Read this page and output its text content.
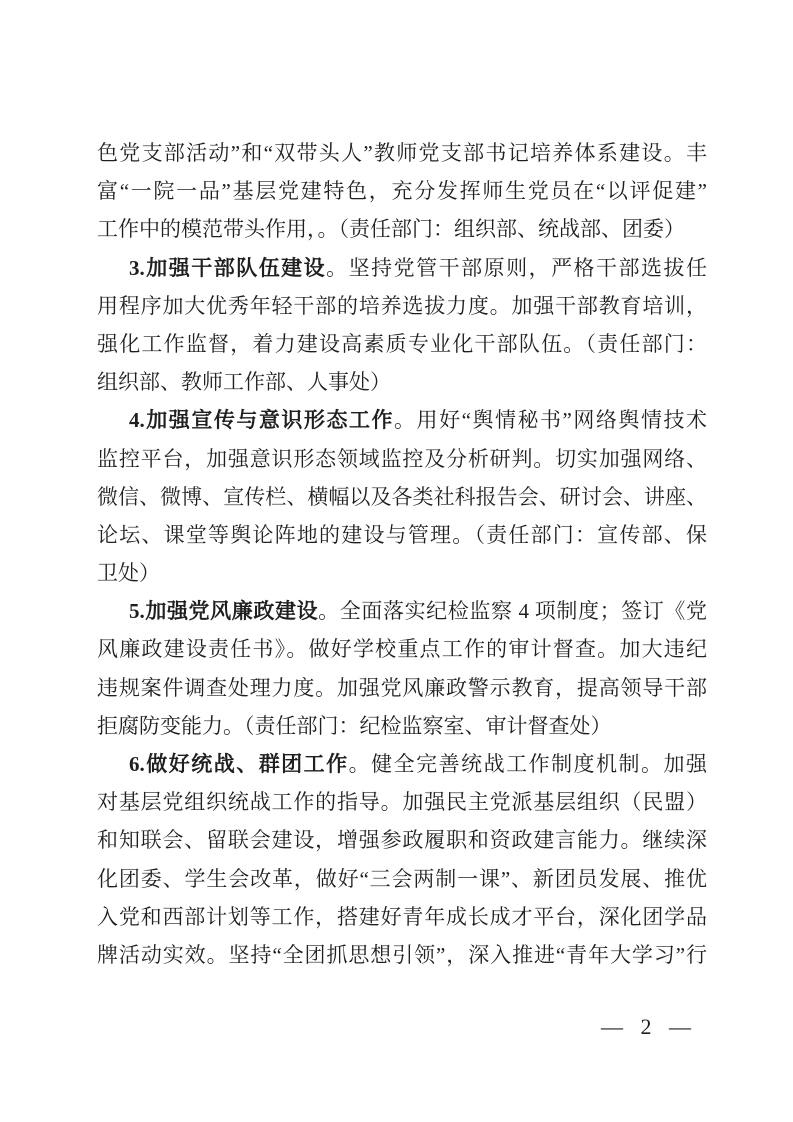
色党支部活动”和“双带头人”教师党支部书记培养体系建设。丰
富“一院一品”基层党建特色，充分发挥师生党员在“以评促建”
工作中的模范带头作用，。（责任部门：组织部、统战部、团委）
3.加强干部队伍建设。坚持党管干部原则，严格干部选拔任
用程序加大优秀年轻干部的培养选拔力度。加强干部教育培训，
强化工作监督，着力建设高素质专业化干部队伍。（责任部门：
组织部、教师工作部、人事处）
4.加强宣传与意识形态工作。用好“舆情秘书”网络舆情技术
监控平台，加强意识形态领域监控及分析研判。切实加强网络、
微信、微博、宣传栏、横幅以及各类社科报告会、研讨会、讲座、
论坛、课堂等舆论阵地的建设与管理。（责任部门：宣传部、保
卫处）
5.加强党风廉政建设。全面落实纪检监察 4 项制度；签订《党
风廉政建设责任书》。做好学校重点工作的审计督查。加大违纪
违规案件调查处理力度。加强党风廉政警示教育，提高领导干部
拒腐防变能力。（责任部门：纪检监察室、审计督查处）
6.做好统战、群团工作。健全完善统战工作制度机制。加强
对基层党组织统战工作的指导。加强民主党派基层组织（民盟）
和知联会、留联会建设，增强参政履职和资政建言能力。继续深
化团委、学生会改革，做好“三会两制一课”、新团员发展、推优
入党和西部计划等工作，搭建好青年成长成才平台，深化团学品
牌活动实效。坚持“全团抓思想引领”，深入推进“青年大学习”行
— 2 —
